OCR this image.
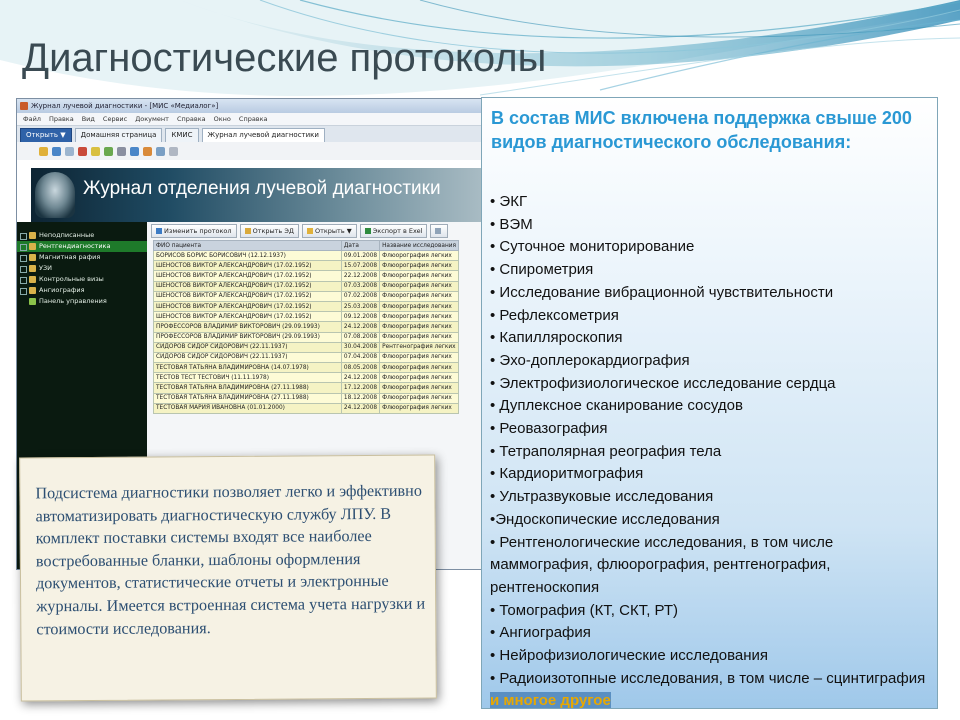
Диагностические протоколы
Журнал лучевой диагностики - [МИС «Медиалог»]
Файл Правка Вид Сервис Документ Справка Окно Справка
Открыть ▼	Домашняя страница	КМИС	Журнал лучевой диагностики
Журнал отделения лучевой диагностики
Неподписанные
Рентгендиагностика
Магнитная рафия
УЗИ
Контрольные визы
Ангиография
Панель управления
Изменить протокол	Открыть ЭД	Открыть ▼	Экспорт в Exel
ФИО пациента	Дата	Название исследования
БОРИСОВ БОРИС БОРИСОВИЧ (12.12.1937)	09.01.2008	Флюорография легких
ШЕНОСТОВ ВИКТОР АЛЕКСАНДРОВИЧ (17.02.1952)	15.07.2008	Флюорография легких
ШЕНОСТОВ ВИКТОР АЛЕКСАНДРОВИЧ (17.02.1952)	22.12.2008	Флюорография легких
ШЕНОСТОВ ВИКТОР АЛЕКСАНДРОВИЧ (17.02.1952)	07.03.2008	Флюорография легких
ШЕНОСТОВ ВИКТОР АЛЕКСАНДРОВИЧ (17.02.1952)	07.02.2008	Флюорография легких
ШЕНОСТОВ ВИКТОР АЛЕКСАНДРОВИЧ (17.02.1952)	25.03.2008	Флюорография легких
ШЕНОСТОВ ВИКТОР АЛЕКСАНДРОВИЧ (17.02.1952)	09.12.2008	Флюорография легких
ПРОФЕССОРОВ ВЛАДИМИР ВИКТОРОВИЧ (29.09.1993)	24.12.2008	Флюорография легких
ПРОФЕССОРОВ ВЛАДИМИР ВИКТОРОВИЧ (29.09.1993)	07.08.2008	Флюорография легких
СИДОРОВ СИДОР СИДОРОВИЧ (22.11.1937)	30.04.2008	Рентгенография легких
СИДОРОВ СИДОР СИДОРОВИЧ (22.11.1937)	07.04.2008	Флюорография легких
ТЕСТОВАЯ ТАТЬЯНА ВЛАДИМИРОВНА (14.07.1978)	08.05.2008	Флюорография легких
ТЕСТОВ ТЕСТ ТЕСТОВИЧ (11.11.1978)	24.12.2008	Флюорография легких
ТЕСТОВАЯ ТАТЬЯНА ВЛАДИМИРОВНА (27.11.1988)	17.12.2008	Флюорография легких
ТЕСТОВАЯ ТАТЬЯНА ВЛАДИМИРОВНА (27.11.1988)	18.12.2008	Флюорография легких
ТЕСТОВАЯ МАРИЯ ИВАНОВНА (01.01.2000)	24.12.2008	Флюорография легких
В состав МИС включена поддержка свыше 200 видов диагностического обследования:
• ЭКГ
• ВЭМ
• Суточное мониторирование
• Спирометрия
• Исследование вибрационной чувствительности
• Рефлексометрия
• Капилляроскопия
• Эхо-доплерокардиография
• Электрофизиологическое исследование сердца
• Дуплексное сканирование сосудов
• Реовазография
• Тетраполярная реография тела
• Кардиоритмография
• Ультразвуковые исследования
•Эндоскопические исследования
• Рентгенологические исследования, в том числе маммография, флюорография, рентгенография, рентгеноскопия
• Томография (КТ, СКТ, РТ)
• Ангиография
• Нейрофизиологические исследования
• Радиоизотопные исследования, в том числе – сцинтиграфия и многое другое
Подсистема диагностики позволяет легко и эффективно автоматизировать диагностическую службу ЛПУ. В комплект поставки системы входят все наиболее востребованные бланки, шаблоны оформления документов, статистические отчеты и электронные журналы. Имеется встроенная система учета нагрузки и стоимости исследования.
